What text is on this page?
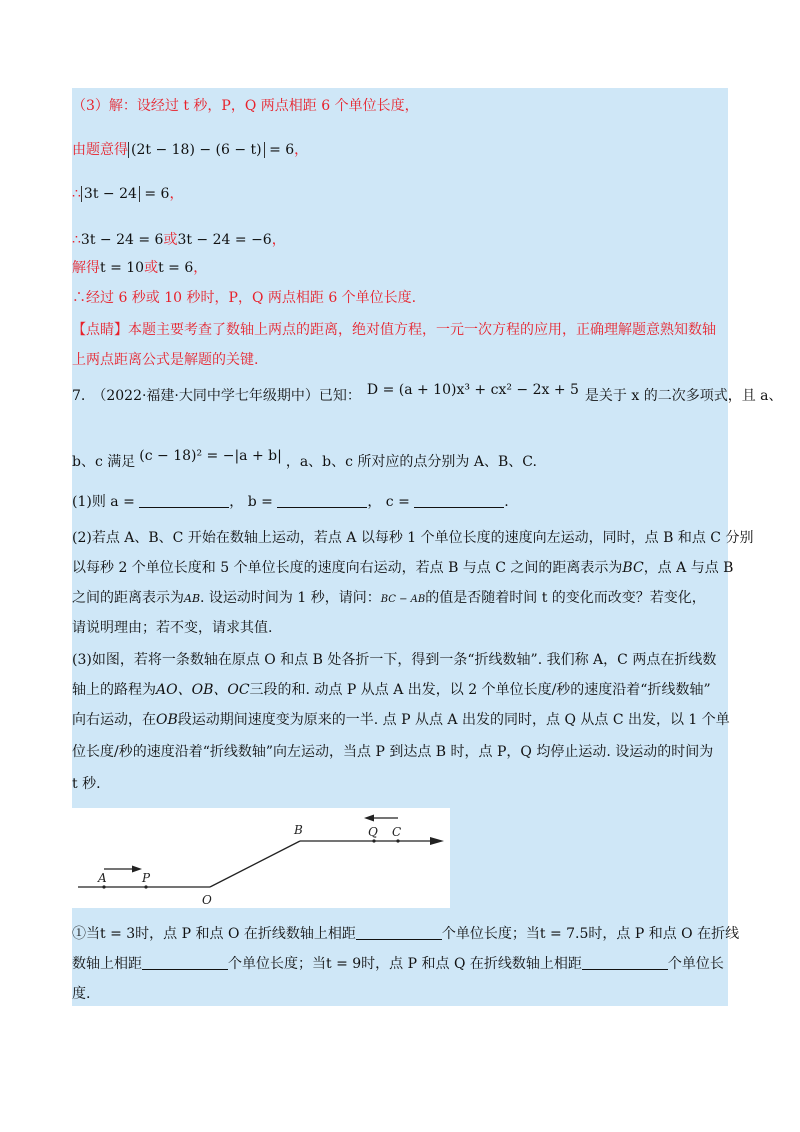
（3）解：设经过 t 秒，P，Q 两点相距 6 个单位长度，
由题意得 (2t − 18) − (6 − t) = 6，
∴ 3t − 24 = 6，
∴3t − 24 = 6或3t − 24 = −6，
解得t = 10或t = 6，
∴经过 6 秒或 10 秒时，P，Q 两点相距 6 个单位长度.
【点睛】本题主要考查了数轴上两点的距离，绝对值方程，一元一次方程的应用，正确理解题意熟知数轴
上两点距离公式是解题的关键.
7.　（2022·福建·大同中学七年级期中）已知： D = (a + 10)x³ + cx² − 2x + 5 是关于 x 的二次多项式，且 a、
b、c 满足 (c − 18)² = −|a + b| ，a、b、c 所对应的点分别为 A、B、C.
(1)则 a =	， b =	， c =	.
(2)若点 A、B、C 开始在数轴上运动，若点 A 以每秒 1 个单位长度的速度向左运动，同时，点 B 和点 C 分别
以每秒 2 个单位长度和 5 个单位长度的速度向右运动，若点 B 与点 C 之间的距离表示为BC，点 A 与点 B
之间的距离表示为AB. 设运动时间为 1 秒，请问：BC − AB的值是否随着时间 t 的变化而改变？若变化，
请说明理由；若不变，请求其值.
(3)如图，若将一条数轴在原点 O 和点 B 处各折一下，得到一条“折线数轴”. 我们称 A，C 两点在折线数
轴上的路程为AO、OB、OC三段的和. 动点 P 从点 A 出发，以 2 个单位长度/秒的速度沿着“折线数轴”
向右运动，在OB段运动期间速度变为原来的一半. 点 P 从点 A 出发的同时，点 Q 从点 C 出发，以 1 个单
位长度/秒的速度沿着“折线数轴”向左运动，当点 P 到达点 B 时，点 P，Q 均停止运动. 设运动的时间为
t 秒.
A	P
O
B	Q C
①当t = 3时，点 P 和点 O 在折线数轴上相距	个单位长度；当t = 7.5时，点 P 和点 O 在折线
数轴上相距	个单位长度；当t = 9时，点 P 和点 Q 在折线数轴上相距	个单位长
度.
